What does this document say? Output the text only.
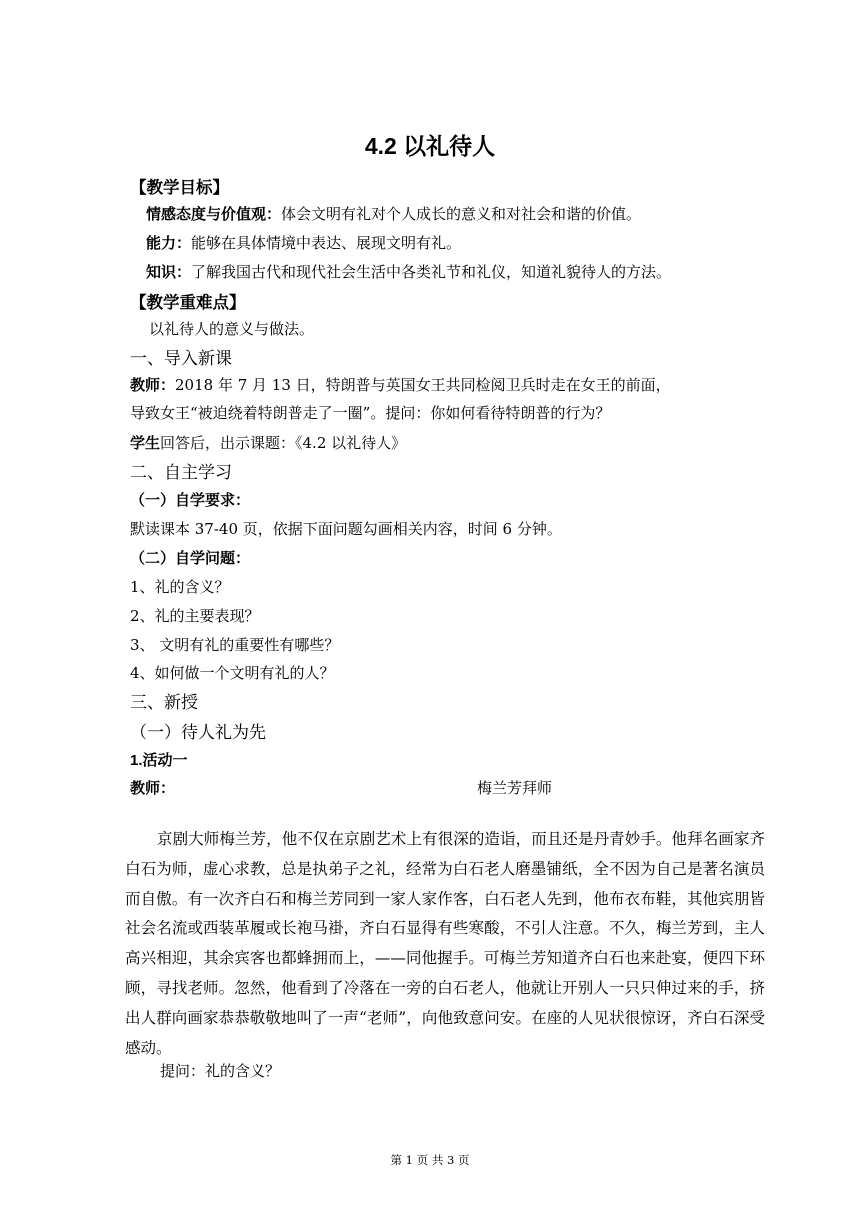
4.2 以礼待人
【教学目标】
情感态度与价值观：体会文明有礼对个人成长的意义和对社会和谐的价值。
能力：能够在具体情境中表达、展现文明有礼。
知识：了解我国古代和现代社会生活中各类礼节和礼仪，知道礼貌待人的方法。
【教学重难点】
以礼待人的意义与做法。
一、导入新课
教师：2018 年 7 月 13 日，特朗普与英国女王共同检阅卫兵时走在女王的前面，
导致女王“被迫绕着特朗普走了一圈”。提问：你如何看待特朗普的行为？
学生回答后，出示课题：《4.2 以礼待人》
二、自主学习
（一）自学要求：
默读课本 37-40 页，依据下面问题勾画相关内容，时间 6 分钟。
（二）自学问题：
1、礼的含义？
2、礼的主要表现？
3、 文明有礼的重要性有哪些？
4、如何做一个文明有礼的人？
三、新授
（一）待人礼为先
1.活动一
教师：	梅兰芳拜师
京剧大师梅兰芳，他不仅在京剧艺术上有很深的造诣，而且还是丹青妙手。他拜名画家齐白石为师，虚心求教，总是执弟子之礼，经常为白石老人磨墨铺纸，全不因为自己是著名演员而自傲。有一次齐白石和梅兰芳同到一家人家作客，白石老人先到，他布衣布鞋，其他宾朋皆社会名流或西装革履或长袍马褂，齐白石显得有些寒酸，不引人注意。不久，梅兰芳到，主人高兴相迎，其余宾客也都蜂拥而上，——同他握手。可梅兰芳知道齐白石也来赴宴，便四下环顾，寻找老师。忽然，他看到了冷落在一旁的白石老人，他就让开别人一只只伸过来的手，挤出人群向画家恭恭敬敬地叫了一声“老师”，向他致意问安。在座的人见状很惊讶，齐白石深受感动。
提问：礼的含义？
第 1 页 共 3 页
